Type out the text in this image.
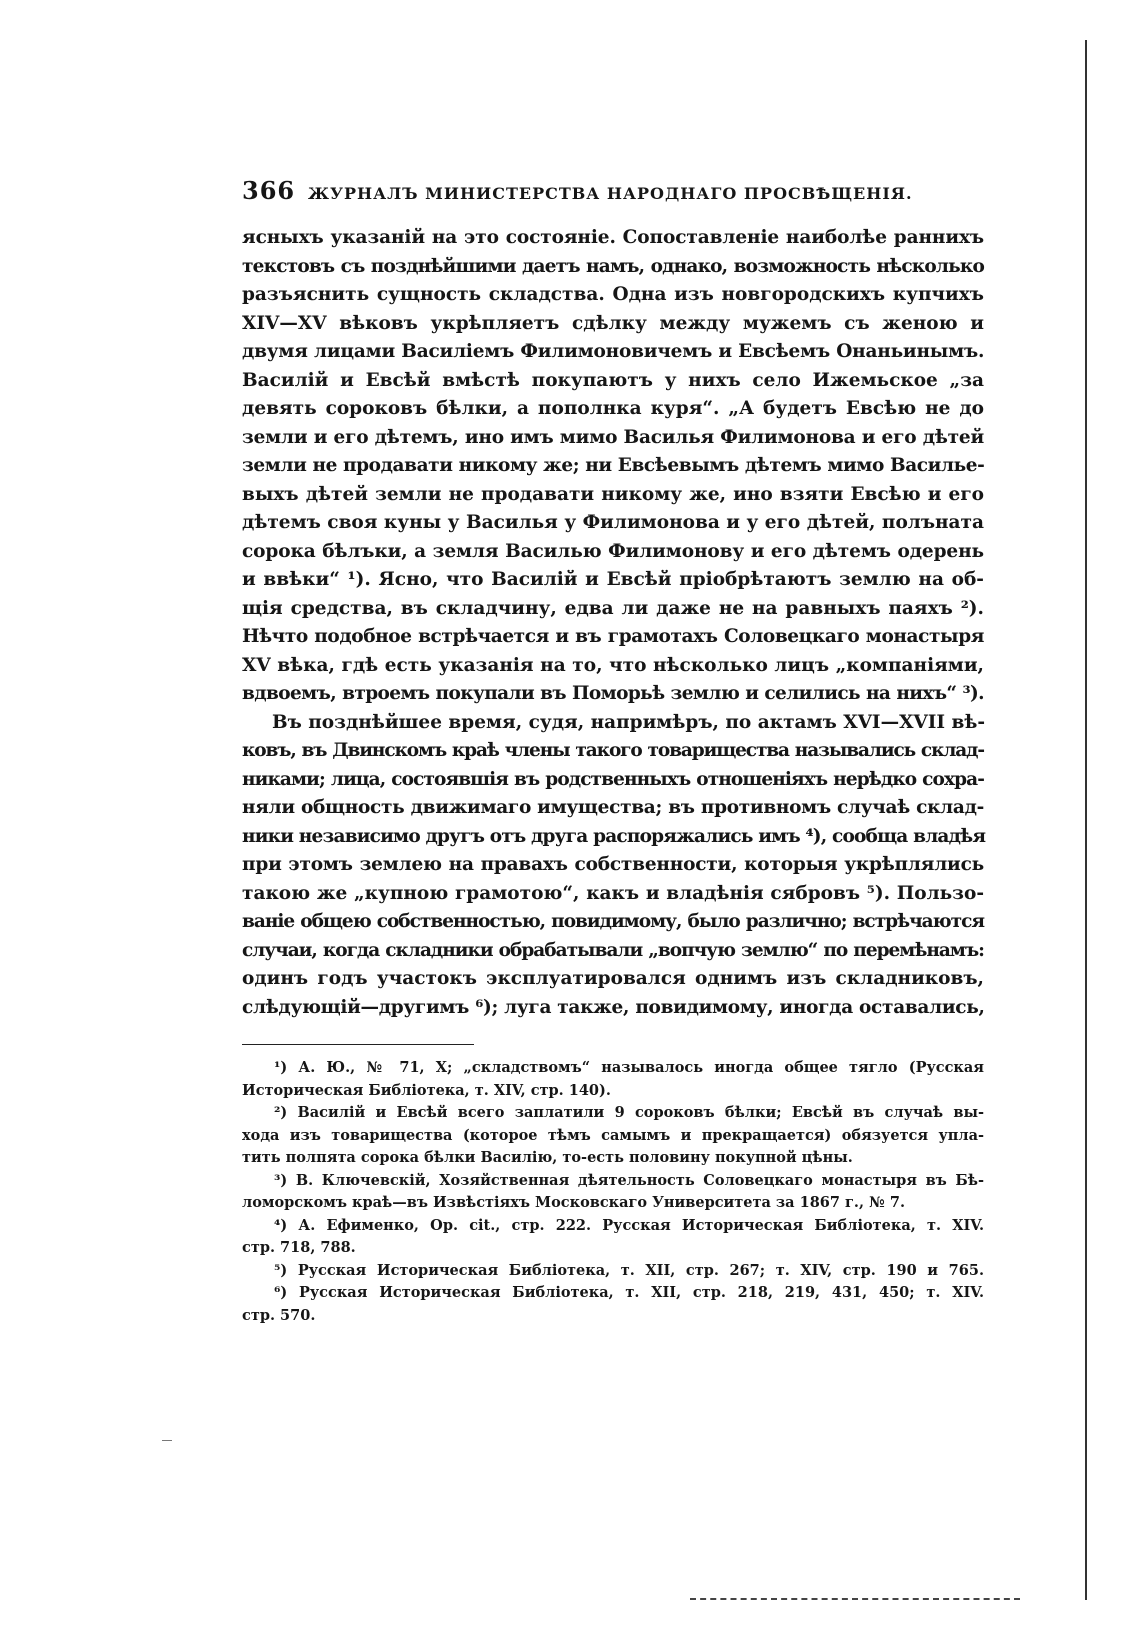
366 ЖУРНАЛЪ МИНИСТЕРСТВА НАРОДНАГО ПРОСВѢЩЕНІЯ.
ясныхъ указаній на это состояніе. Сопоставленіе наиболѣе раннихъ
текстовъ съ позднѣйшими даетъ намъ, однако, возможность нѣсколько
разъяснить сущность складства. Одна изъ новгородскихъ купчихъ
XIV—XV вѣковъ укрѣпляетъ сдѣлку между мужемъ съ женою и
двумя лицами Василіемъ Филимоновичемъ и Евсѣемъ Онаньинымъ.
Василій и Евсѣй вмѣстѣ покупаютъ у нихъ село Ижемьское „за
девять сороковъ бѣлки, а пополнка куря“. „А будетъ Евсѣю не до
земли и его дѣтемъ, ино имъ мимо Василья Филимонова и его дѣтей
земли не продавати никому же; ни Евсѣевымъ дѣтемъ мимо Василье-
выхъ дѣтей земли не продавати никому же, ино взяти Евсѣю и его
дѣтемъ своя куны у Василья у Филимонова и у его дѣтей, полъната
сорока бѣлъки, а земля Василью Филимонову и его дѣтемъ одерень
и ввѣки“ ¹). Ясно, что Василій и Евсѣй пріобрѣтаютъ землю на об-
щія средства, въ складчину, едва ли даже не на равныхъ паяхъ ²).
Нѣчто подобное встрѣчается и въ грамотахъ Соловецкаго монастыря
XV вѣка, гдѣ есть указанія на то, что нѣсколько лицъ „компаніями,
вдвоемъ, втроемъ покупали въ Поморьѣ землю и селились на нихъ“ ³).
Въ позднѣйшее время, судя, напримѣръ, по актамъ XVI—XVII вѣ-
ковъ, въ Двинскомъ краѣ члены такого товарищества назывались склад-
никами; лица, состоявшія въ родственныхъ отношеніяхъ нерѣдко сохра-
няли общность движимаго имущества; въ противномъ случаѣ склад-
ники независимо другъ отъ друга распоряжались имъ ⁴), сообща владѣя
при этомъ землею на правахъ собственности, которыя укрѣплялись
такою же „купною грамотою“, какъ и владѣнія сябровъ ⁵). Пользо-
ваніе общею собственностью, повидимому, было различно; встрѣчаются
случаи, когда складники обрабатывали „вопчую землю“ по перемѣнамъ:
одинъ годъ участокъ эксплуатировался однимъ изъ складниковъ,
слѣдующій—другимъ ⁶); луга также, повидимому, иногда оставались,
¹) А. Ю., № 71, X; „складствомъ“ называлось иногда общее тягло (Русская
Историческая Библіотека, т. XIV, стр. 140).
²) Василій и Евсѣй всего заплатили 9 сороковъ бѣлки; Евсѣй въ случаѣ вы-
хода изъ товарищества (которое тѣмъ самымъ и прекращается) обязуется упла-
тить полпята сорока бѣлки Василію, то-есть половину покупной цѣны.
³) В. Ключевскій, Хозяйственная дѣятельность Соловецкаго монастыря въ Бѣ-
ломорскомъ краѣ—въ Извѣстіяхъ Московскаго Университета за 1867 г., № 7.
⁴) А. Ефименко, Op. cit., стр. 222. Русская Историческая Библіотека, т. XIV.
стр. 718, 788.
⁵) Русская Историческая Библіотека, т. XII, стр. 267; т. XIV, стр. 190 и 765.
⁶) Русская Историческая Библіотека, т. XII, стр. 218, 219, 431, 450; т. XIV.
стр. 570.
